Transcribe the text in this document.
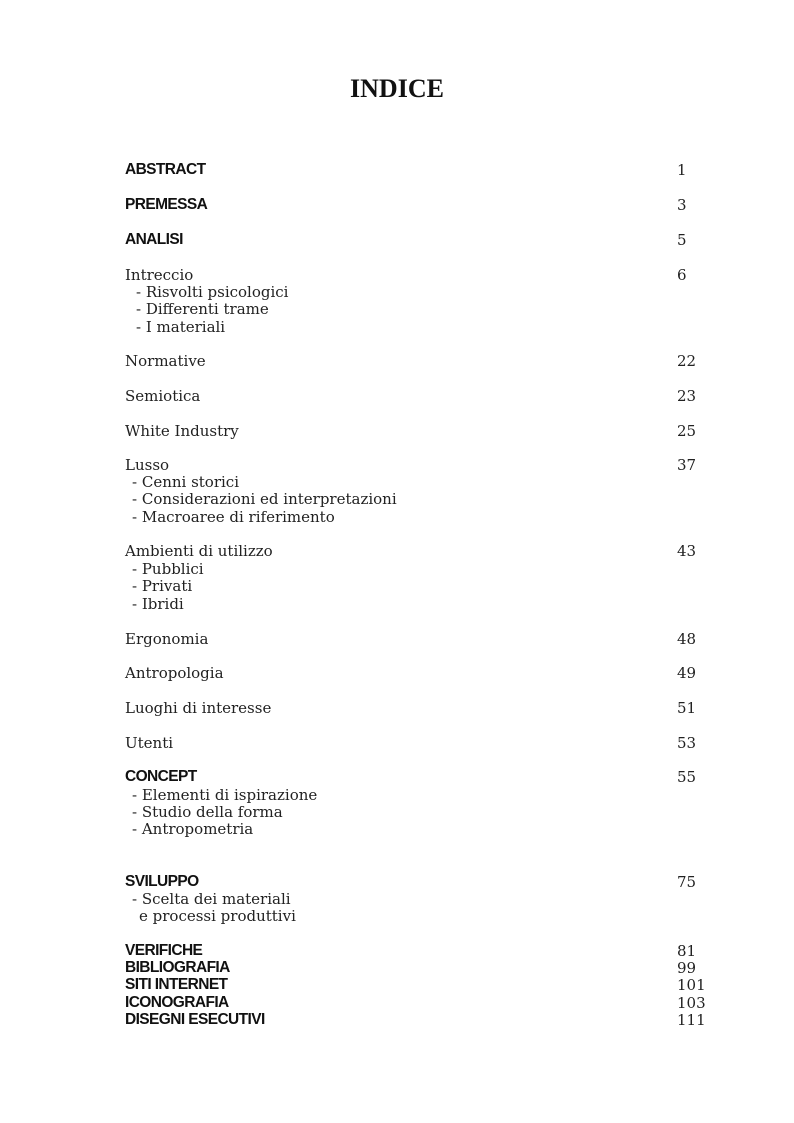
INDICE
ABSTRACT	1
PREMESSA	3
ANALISI	5
Intreccio	6
- Risvolti psicologici
- Differenti trame
- I materiali
Normative	22
Semiotica	23
White Industry	25
Lusso	37
- Cenni storici
- Considerazioni ed interpretazioni
- Macroaree di riferimento
Ambienti di utilizzo	43
- Pubblici
- Privati
- Ibridi
Ergonomia	48
Antropologia	49
Luoghi di interesse	51
Utenti	53
CONCEPT	55
- Elementi di ispirazione
- Studio della forma
- Antropometria
SVILUPPO	75
- Scelta dei materiali
e processi produttivi
VERIFICHE	81
BIBLIOGRAFIA	99
SITI INTERNET	101
ICONOGRAFIA	103
DISEGNI ESECUTIVI	111
